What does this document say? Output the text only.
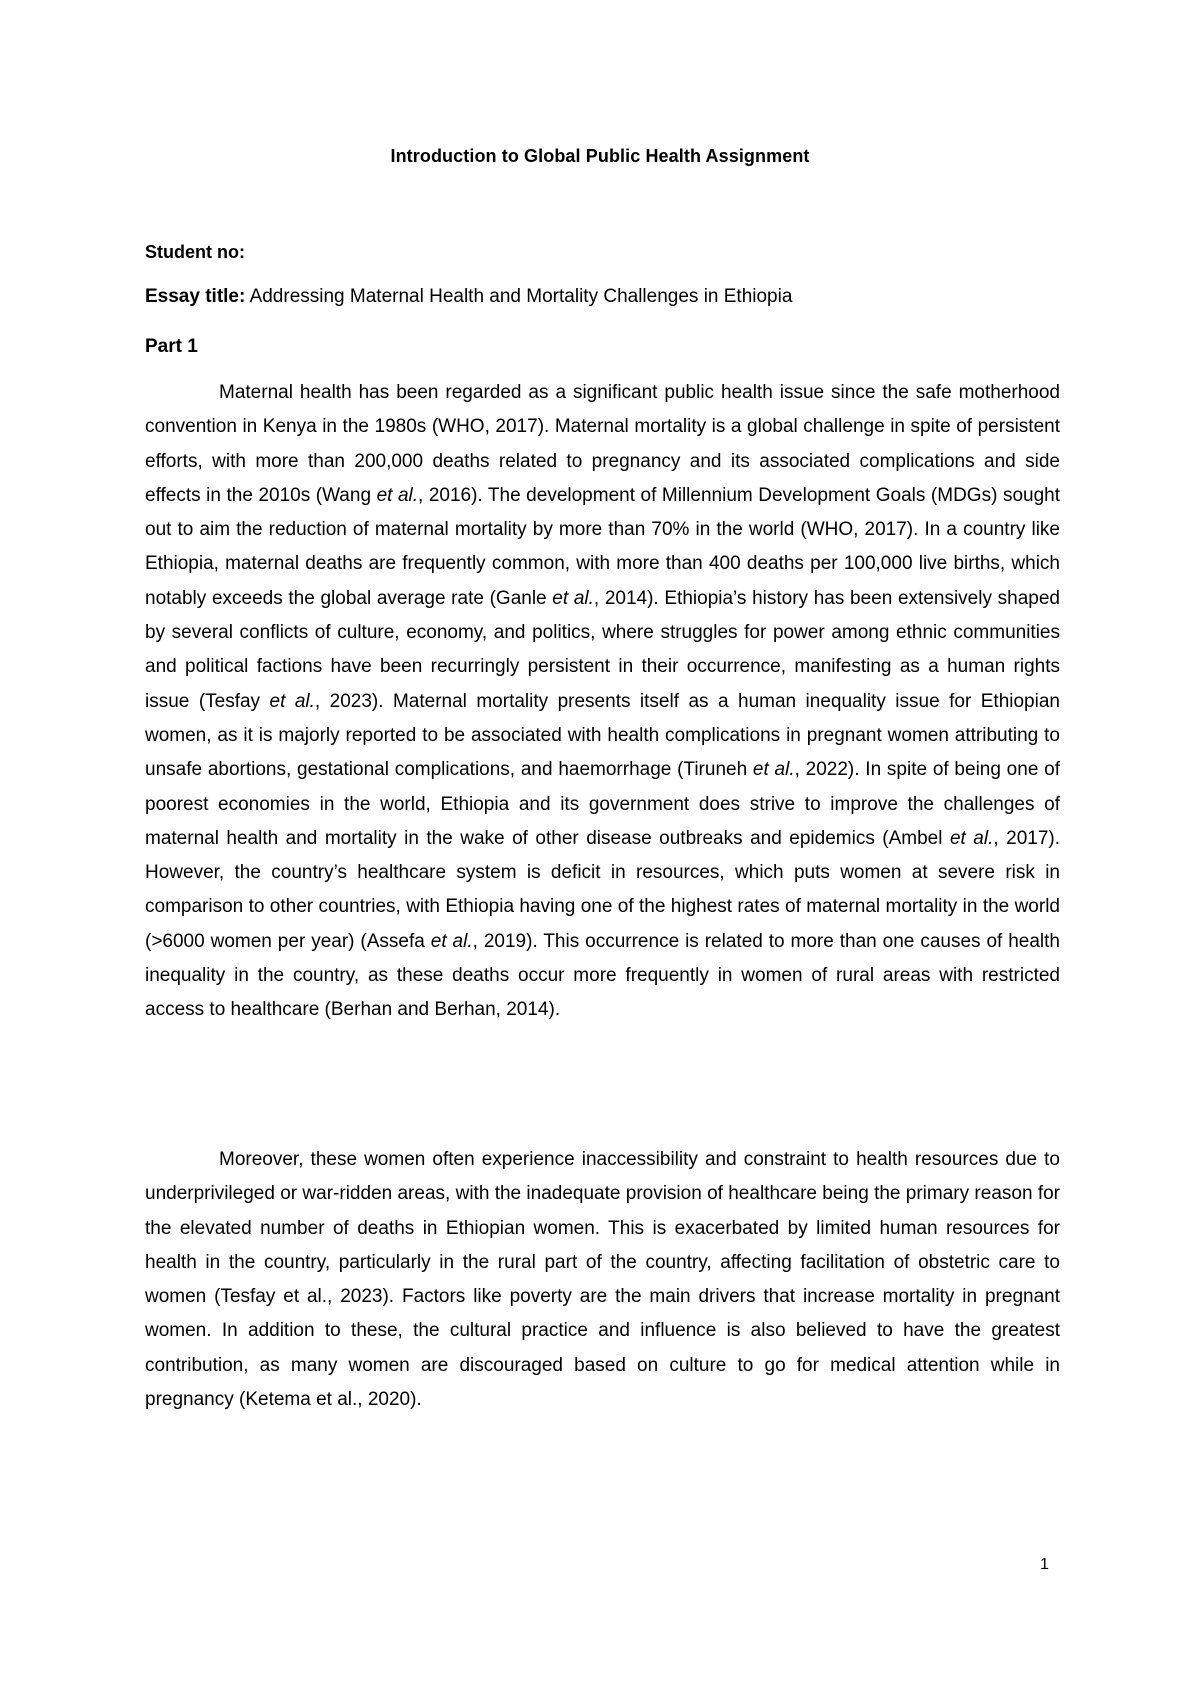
Introduction to Global Public Health Assignment
Student no:
Essay title: Addressing Maternal Health and Mortality Challenges in Ethiopia
Part 1

Maternal health has been regarded as a significant public health issue since the safe motherhood convention in Kenya in the 1980s (WHO, 2017). Maternal mortality is a global challenge in spite of persistent efforts, with more than 200,000 deaths related to pregnancy and its associated complications and side effects in the 2010s (Wang et al., 2016). The development of Millennium Development Goals (MDGs) sought out to aim the reduction of maternal mortality by more than 70% in the world (WHO, 2017). In a country like Ethiopia, maternal deaths are frequently common, with more than 400 deaths per 100,000 live births, which notably exceeds the global average rate (Ganle et al., 2014). Ethiopia’s history has been extensively shaped by several conflicts of culture, economy, and politics, where struggles for power among ethnic communities and political factions have been recurringly persistent in their occurrence, manifesting as a human rights issue (Tesfay et al., 2023). Maternal mortality presents itself as a human inequality issue for Ethiopian women, as it is majorly reported to be associated with health complications in pregnant women attributing to unsafe abortions, gestational complications, and haemorrhage (Tiruneh et al., 2022). In spite of being one of poorest economies in the world, Ethiopia and its government does strive to improve the challenges of maternal health and mortality in the wake of other disease outbreaks and epidemics (Ambel et al., 2017). However, the country’s healthcare system is deficit in resources, which puts women at severe risk in comparison to other countries, with Ethiopia having one of the highest rates of maternal mortality in the world (>6000 women per year) (Assefa et al., 2019). This occurrence is related to more than one causes of health inequality in the country, as these deaths occur more frequently in women of rural areas with restricted access to healthcare (Berhan and Berhan, 2014).

Moreover, these women often experience inaccessibility and constraint to health resources due to underprivileged or war-ridden areas, with the inadequate provision of healthcare being the primary reason for the elevated number of deaths in Ethiopian women. This is exacerbated by limited human resources for health in the country, particularly in the rural part of the country, affecting facilitation of obstetric care to women (Tesfay et al., 2023). Factors like poverty are the main drivers that increase mortality in pregnant women. In addition to these, the cultural practice and influence is also believed to have the greatest contribution, as many women are discouraged based on culture to go for medical attention while in pregnancy (Ketema et al., 2020).

1
